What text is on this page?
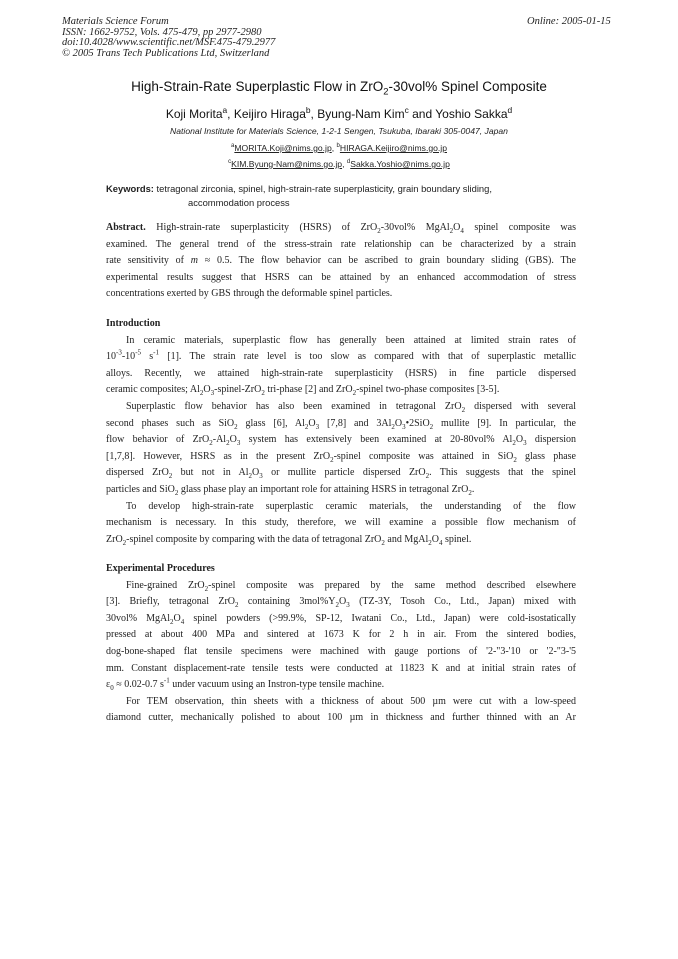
Materials Science Forum
ISSN: 1662-9752, Vols. 475-479, pp 2977-2980
doi:10.4028/www.scientific.net/MSF.475-479.2977
© 2005 Trans Tech Publications Ltd, Switzerland
Online: 2005-01-15
High-Strain-Rate Superplastic Flow in ZrO$_2$-30vol% Spinel Composite
Koji Morita$^a$, Keijiro Hiraga$^b$, Byung-Nam Kim$^c$ and Yoshio Sakka$^d$
National Institute for Materials Science, 1-2-1 Sengen, Tsukuba, Ibaraki 305-0047, Japan
$^a$MORITA.Koji@nims.go.jp, $^b$HIRAGA.Keijiro@nims.go.jp
$^c$KIM.Byung-Nam@nims.go.jp, $^d$Sakka.Yoshio@nims.go.jp
Keywords: tetragonal zirconia, spinel, high-strain-rate superplasticity, grain boundary sliding,
accommodation process
Abstract. High-strain-rate superplasticity (HSRS) of ZrO$_2$-30vol% $MgAl_2O_4$ spinel composite was
examined. The general trend of the stress-strain rate relationship can be characterized by a strain
rate sensitivity of m ≈ 0.5. The flow behavior can be ascribed to grain boundary sliding (GBS). The
experimental results suggest that HSRS can be attained by an enhanced accommodation of stress
concentrations exerted by GBS through the deformable spinel particles.
Introduction
In ceramic materials, superplastic flow has generally been attained at limited strain rates of
$10^{-3}-10^{-5}$ $s^{-1}$ [1]. The strain rate level is too slow as compared with that of superplastic metallic
alloys. Recently, we attained high-strain-rate superplasticity (HSRS) in fine particle dispersed
ceramic composites; $Al_2O_3-spinel-ZrO_2$ tri-phase [2] and ZrO$_2$-spinel two-phase composites [3-5].
Superplastic flow behavior has also been examined in tetragonal ZrO$_2$ dispersed with several
second phases such as SiO$_2$ glass [6], $Al_2O_3$ [7,8] and $3Al_2O_3•2SiO_2$ mullite [9]. In particular, the
flow behavior of $ZrO_2-Al_2O_3$ system has extensively been examined at 20-80vol% $Al_2O_3$ dispersion
[1,7,8]. However, HSRS as in the present ZrO$_2$-spinel composite was attained in SiO$_2$ glass phase
dispersed ZrO$_2$ but not in $Al_2O_3$ or mullite particle dispersed ZrO$_2$. This suggests that the spinel
particles and SiO$_2$ glass phase play an important role for attaining HSRS in tetragonal ZrO$_2$.
To develop high-strain-rate superplastic ceramic materials, the understanding of the flow
mechanism is necessary. In this study, therefore, we will examine a possible flow mechanism of
ZrO$_2$-spinel composite by comparing with the data of tetragonal ZrO$_2$ and $MgAl_2O_4$ spinel.
Experimental Procedures
Fine-grained ZrO$_2$-spinel composite was prepared by the same method described elsewhere
[3]. Briefly, tetragonal ZrO$_2$ containing $3mol\%Y_2O_3$ (TZ-3Y, Tosoh Co., Ltd., Japan) mixed with
30vol% $MgAl_2O_4$ spinel powders (>99.9%, SP-12, Iwatani Co., Ltd., Japan) were cold-isostatically
pressed at about 400 MPa and sintered at 1673 K for 2 h in air. From the sintered bodies,
dog-bone-shaped flat tensile specimens were machined with gauge portions of '2-"3-'10 or '2-"3-'5
mm. Constant displacement-rate tensile tests were conducted at 11823 K and at initial strain rates of
$\varepsilon_0 \approx 0.02-0.7$ $s^{-1}$ under vacuum using an Instron-type tensile machine.
For TEM observation, thin sheets with a thickness of about 500 µm were cut with a low-speed
diamond cutter, mechanically polished to about 100 µm in thickness and further thinned with an Ar
